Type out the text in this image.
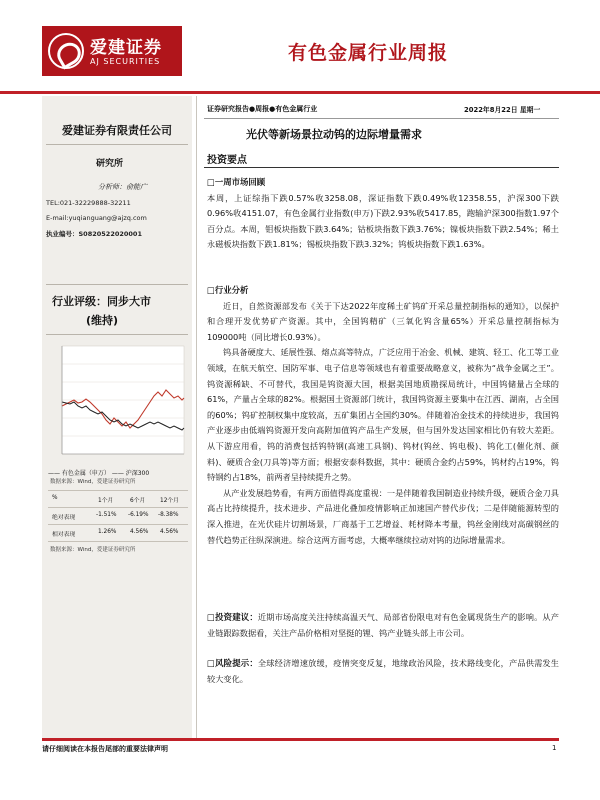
爱建证券
AJ SECURITIES	有色金属行业周报
爱建证券有限责任公司
研究所
分析师：俞能广
TEL:021-32229888-32211
E-mail:yuqianguang@ajzq.com
执业编号：S0820522020001
行业评级：同步大市
(维持)
—— 有色金属（申万） —— 沪深300
数据来源：Wind，爱建证券研究所
%	1个月	6个月	12个月
绝对表现	-1.51% -6.19% -8.38%
相对表现	1.26% 4.56% 4.56%
数据来源：Wind，爱建证券研究所
证券研究报告●周报●有色金属行业	2022年8月22日 星期一
光伏等新场景拉动钨的边际增量需求
投资要点
□一周市场回顾
本周，上证综指下跌0.57%收3258.08，深证指数下跌0.49%收12358.55，沪深300下跌0.96%收4151.07，有色金属行业指数(申万)下跌2.93%收5417.85，跑输沪深300指数1.97个百分点。本周，钼板块指数下跌3.64%；钴板块指数下跌3.76%；镍板块指数下跌2.54%；稀土永磁板块指数下跌1.81%；锡板块指数下跌3.32%；钨板块指数下跌1.63%。
□行业分析
近日，自然资源部发布《关于下达2022年度稀土矿钨矿开采总量控制指标的通知》，以保护和合理开发优势矿产资源。其中，全国钨精矿（三氧化钨含量65%）开采总量控制指标为109000吨（同比增长0.93%）。
钨具备硬度大、延展性强、熔点高等特点，广泛应用于冶金、机械、建筑、轻工、化工等工业领域，在航天航空、国防军事、电子信息等领域也有着重要战略意义，被称为“战争金属之王”。钨资源稀缺、不可替代，我国是钨资源大国，根据美国地质勘探局统计，中国钨储量占全球的61%，产量占全球的82%。根据国土资源部门统计，我国钨资源主要集中在江西、湖南，占全国的60%；钨矿控制权集中度较高，五矿集团占全国约30%。伴随着冶金技术的持续进步，我国钨产业逐步由低端钨资源开发向高附加值钨产品生产发展，但与国外发达国家相比仍有较大差距。从下游应用看，钨的消费包括钨特钢(高速工具钢)、钨材(钨丝、钨电极)、钨化工(催化剂、颜料)、硬质合金(刀具等)等方面；根据安泰科数据，其中：硬质合金约占59%，钨材约占19%，钨特钢约占18%，前两者呈持续提升之势。
从产业发展趋势看，有两方面值得高度重视：一是伴随着我国制造业持续升级，硬质合金刀具高占比持续提升，技术进步、产品进化叠加疫情影响正加速国产替代步伐；二是伴随能源转型的深入推进，在光伏硅片切割场景，厂商基于工艺增益、耗材降本考量，钨丝金刚线对高碳钢丝的替代趋势正往纵深演进。综合这两方面考虑，大概率继续拉动对钨的边际增量需求。
□投资建议：近期市场高度关注持续高温天气、局部省份限电对有色金属现货生产的影响。从产业链跟踪数据看，关注产品价格相对坚挺的锂、钨产业链头部上市公司。
□风险提示：全球经济增速放缓，疫情突变反复，地缘政治风险，技术路线变化，产品供需发生较大变化。
请仔细阅读在本报告尾部的重要法律声明	1
